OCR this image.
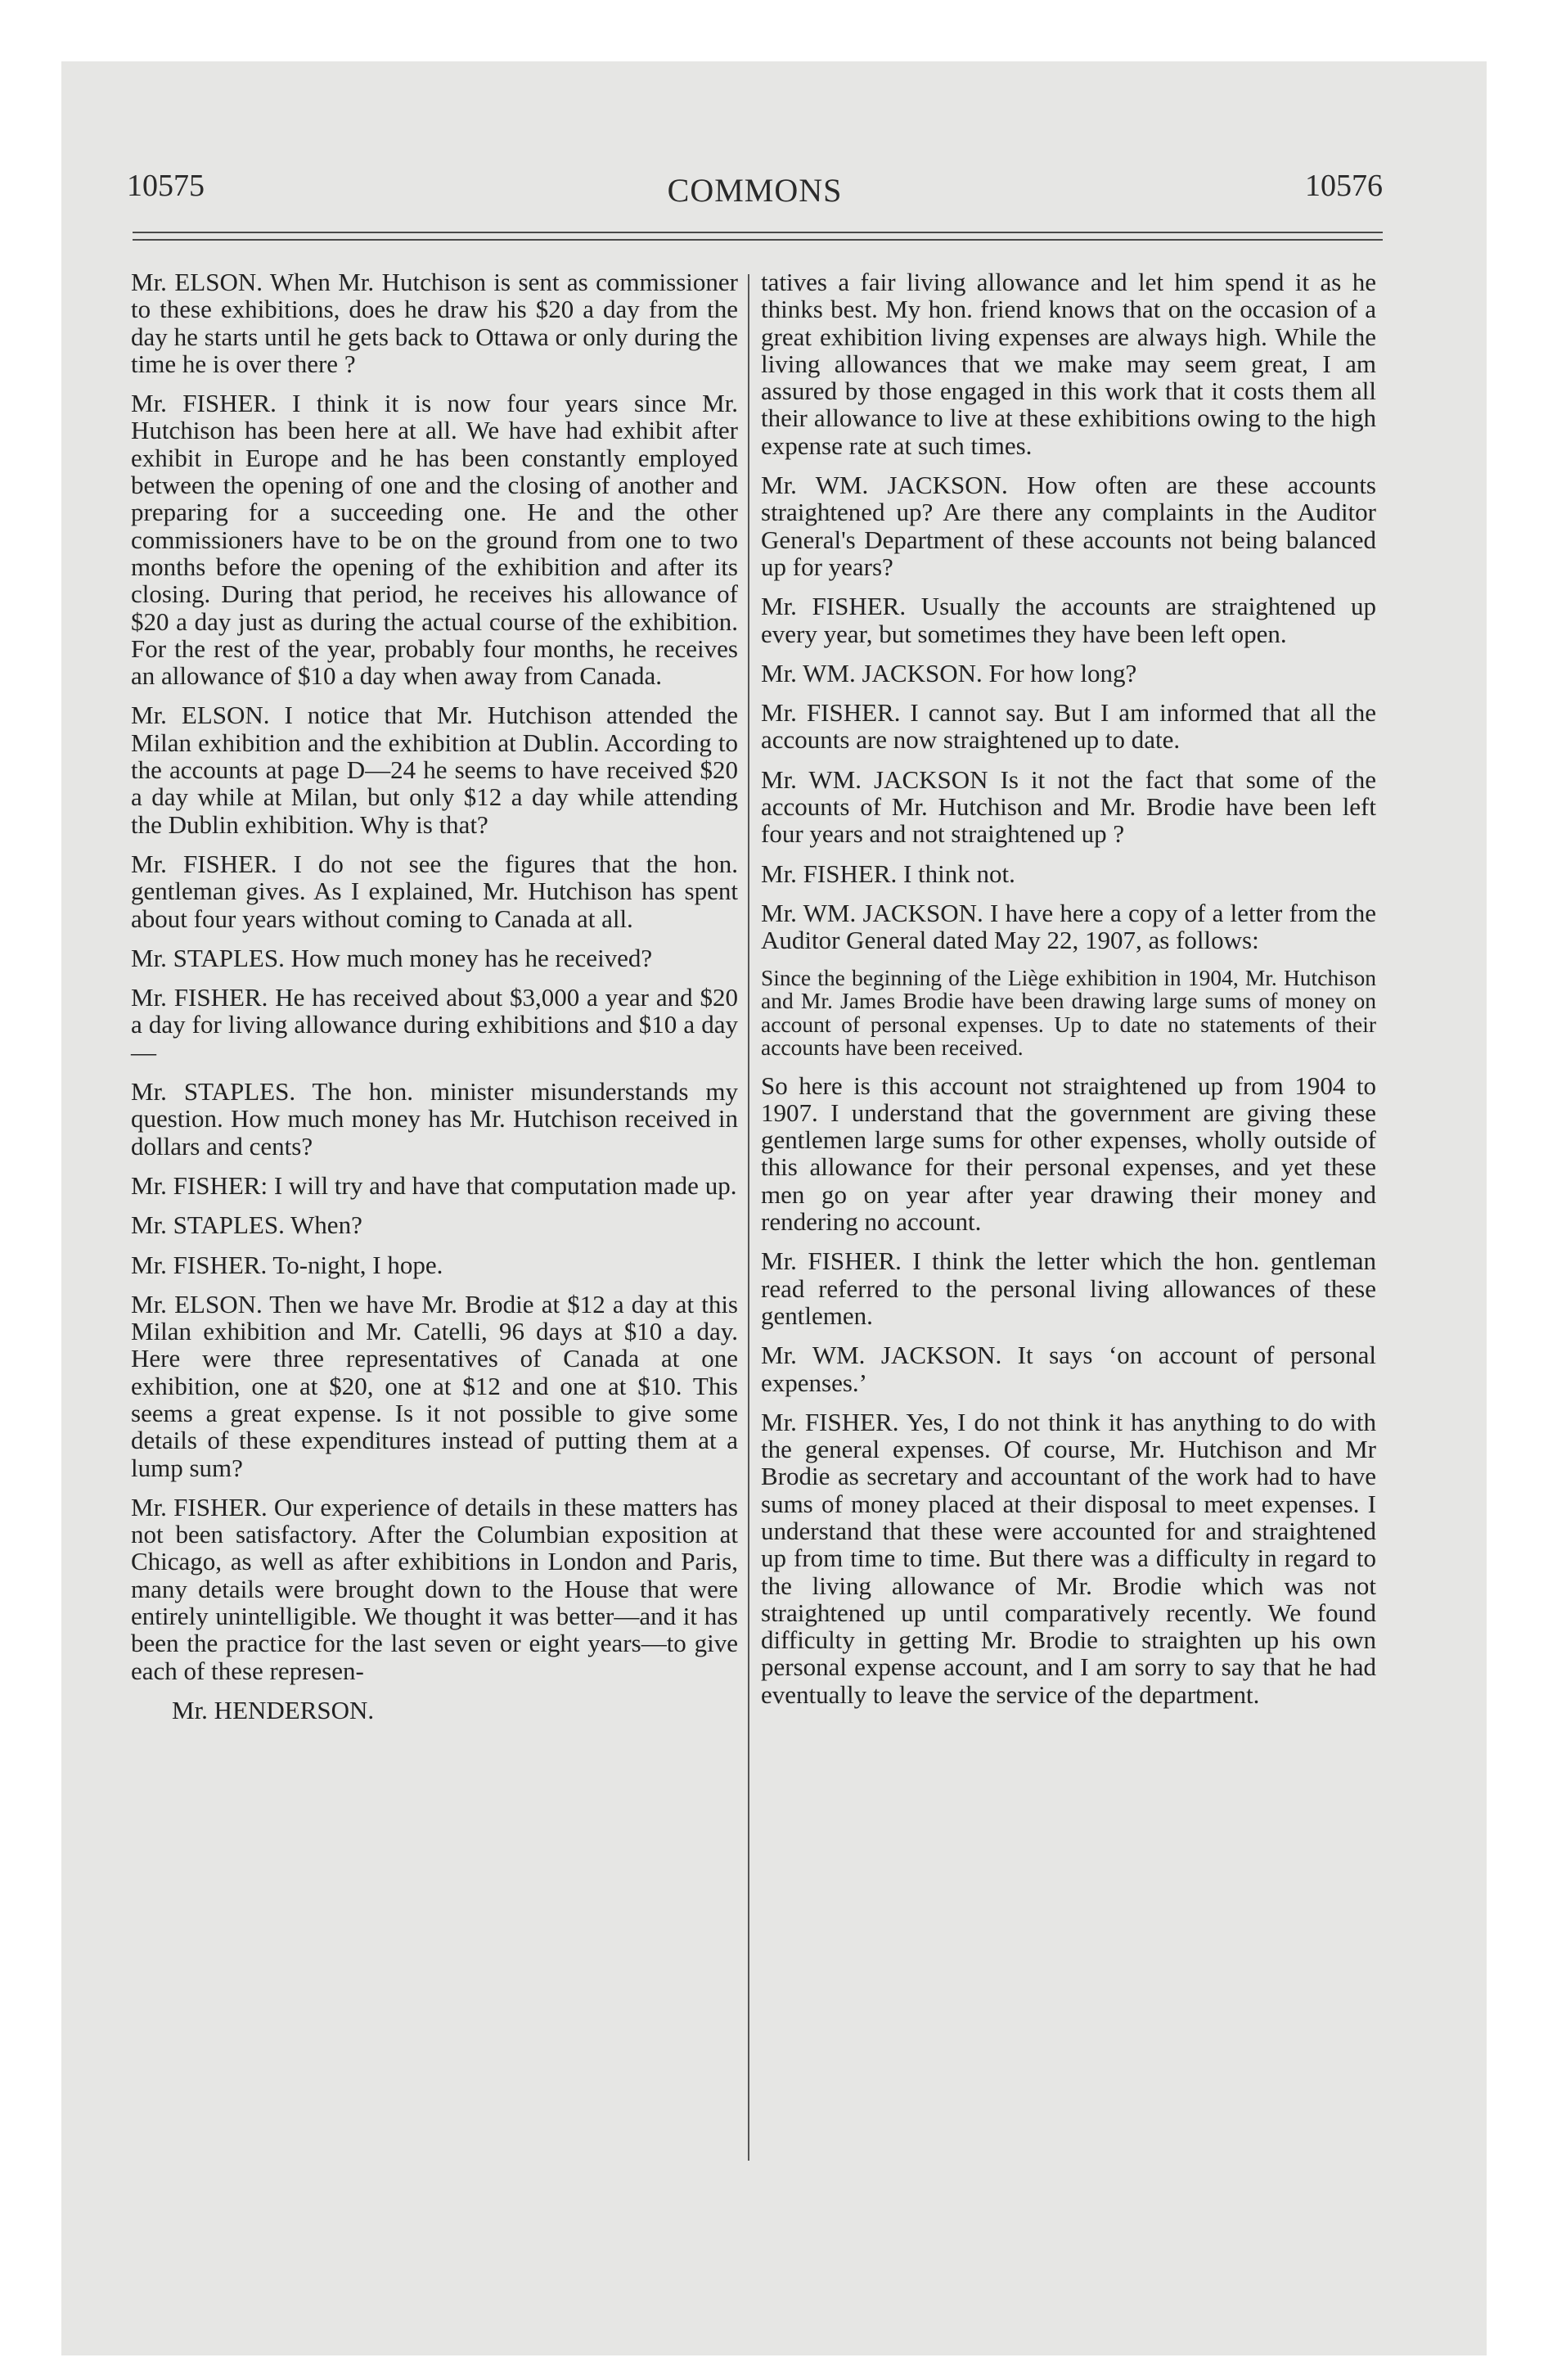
10575	COMMONS	10576

Mr. ELSON. When Mr. Hutchison is sent as commissioner to these exhibitions, does he draw his $20 a day from the day he starts until he gets back to Ottawa or only during the time he is over there ?

Mr. FISHER. I think it is now four years since Mr. Hutchison has been here at all. We have had exhibit after exhibit in Europe and he has been constantly employed between the opening of one and the closing of another and preparing for a succeeding one. He and the other commissioners have to be on the ground from one to two months before the opening of the exhibition and after its closing. During that period, he receives his allowance of $20 a day just as during the actual course of the exhibition. For the rest of the year, probably four months, he receives an allowance of $10 a day when away from Canada.

Mr. ELSON. I notice that Mr. Hutchison attended the Milan exhibition and the exhibition at Dublin. According to the accounts at page D—24 he seems to have received $20 a day while at Milan, but only $12 a day while attending the Dublin exhibition. Why is that?

Mr. FISHER. I do not see the figures that the hon. gentleman gives. As I explained, Mr. Hutchison has spent about four years without coming to Canada at all.

Mr. STAPLES. How much money has he received?

Mr. FISHER. He has received about $3,000 a year and $20 a day for living allowance during exhibitions and $10 a day—

Mr. STAPLES. The hon. minister misunderstands my question. How much money has Mr. Hutchison received in dollars and cents?

Mr. FISHER: I will try and have that computation made up.

Mr. STAPLES. When?

Mr. FISHER. To-night, I hope.

Mr. ELSON. Then we have Mr. Brodie at $12 a day at this Milan exhibition and Mr. Catelli, 96 days at $10 a day. Here were three representatives of Canada at one exhibition, one at $20, one at $12 and one at $10. This seems a great expense. Is it not possible to give some details of these expenditures instead of putting them at a lump sum?

Mr. FISHER. Our experience of details in these matters has not been satisfactory. After the Columbian exposition at Chicago, as well as after exhibitions in London and Paris, many details were brought down to the House that were entirely unintelligible. We thought it was better—and it has been the practice for the last seven or eight years—to give each of these represen-

Mr. HENDERSON.

tatives a fair living allowance and let him spend it as he thinks best. My hon. friend knows that on the occasion of a great exhibition living expenses are always high. While the living allowances that we make may seem great, I am assured by those engaged in this work that it costs them all their allowance to live at these exhibitions owing to the high expense rate at such times.

Mr. WM. JACKSON. How often are these accounts straightened up? Are there any complaints in the Auditor General's Department of these accounts not being balanced up for years?

Mr. FISHER. Usually the accounts are straightened up every year, but sometimes they have been left open.

Mr. WM. JACKSON. For how long?

Mr. FISHER. I cannot say. But I am informed that all the accounts are now straightened up to date.

Mr. WM. JACKSON Is it not the fact that some of the accounts of Mr. Hutchison and Mr. Brodie have been left four years and not straightened up ?

Mr. FISHER. I think not.

Mr. WM. JACKSON. I have here a copy of a letter from the Auditor General dated May 22, 1907, as follows:

Since the beginning of the Liège exhibition in 1904, Mr. Hutchison and Mr. James Brodie have been drawing large sums of money on account of personal expenses. Up to date no statements of their accounts have been received.

So here is this account not straightened up from 1904 to 1907. I understand that the government are giving these gentlemen large sums for other expenses, wholly outside of this allowance for their personal expenses, and yet these men go on year after year drawing their money and rendering no account.

Mr. FISHER. I think the letter which the hon. gentleman read referred to the personal living allowances of these gentlemen.

Mr. WM. JACKSON. It says ‘on account of personal expenses.’

Mr. FISHER. Yes, I do not think it has anything to do with the general expenses. Of course, Mr. Hutchison and Mr Brodie as secretary and accountant of the work had to have sums of money placed at their disposal to meet expenses. I understand that these were accounted for and straightened up from time to time. But there was a difficulty in regard to the living allowance of Mr. Brodie which was not straightened up until comparatively recently. We found difficulty in getting Mr. Brodie to straighten up his own personal expense account, and I am sorry to say that he had eventually to leave the service of the department.
